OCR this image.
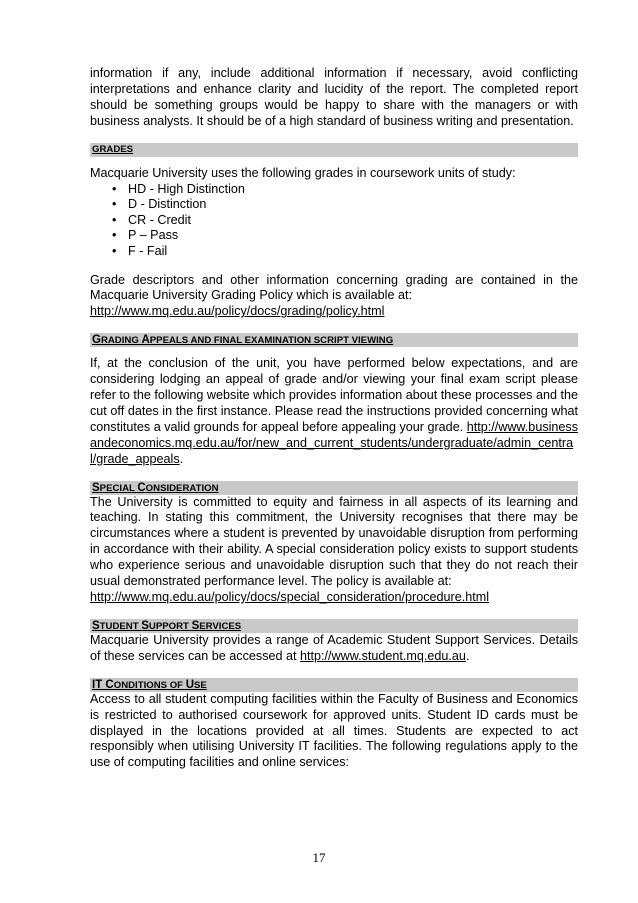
information if any, include additional information if necessary, avoid conflicting interpretations and enhance clarity and lucidity of the report. The completed report should be something groups would be happy to share with the managers or with business analysts. It should be of a high standard of business writing and presentation.

GRADES

Macquarie University uses the following grades in coursework units of study:

• HD - High Distinction
• D - Distinction
• CR - Credit
• P – Pass
• F - Fail

Grade descriptors and other information concerning grading are contained in the Macquarie University Grading Policy which is available at:
http://www.mq.edu.au/policy/docs/grading/policy.html

GRADING APPEALS AND FINAL EXAMINATION SCRIPT VIEWING

If, at the conclusion of the unit, you have performed below expectations, and are considering lodging an appeal of grade and/or viewing your final exam script please refer to the following website which provides information about these processes and the cut off dates in the first instance. Please read the instructions provided concerning what constitutes a valid grounds for appeal before appealing your grade. http://www.businessandeconomics.mq.edu.au/for/new_and_current_students/undergraduate/admin_central/grade_appeals.

SPECIAL CONSIDERATION

The University is committed to equity and fairness in all aspects of its learning and teaching. In stating this commitment, the University recognises that there may be circumstances where a student is prevented by unavoidable disruption from performing in accordance with their ability. A special consideration policy exists to support students who experience serious and unavoidable disruption such that they do not reach their usual demonstrated performance level. The policy is available at:
http://www.mq.edu.au/policy/docs/special_consideration/procedure.html

STUDENT SUPPORT SERVICES

Macquarie University provides a range of Academic Student Support Services. Details of these services can be accessed at http://www.student.mq.edu.au.

IT CONDITIONS OF USE

Access to all student computing facilities within the Faculty of Business and Economics is restricted to authorised coursework for approved units. Student ID cards must be displayed in the locations provided at all times. Students are expected to act responsibly when utilising University IT facilities. The following regulations apply to the use of computing facilities and online services:

17
